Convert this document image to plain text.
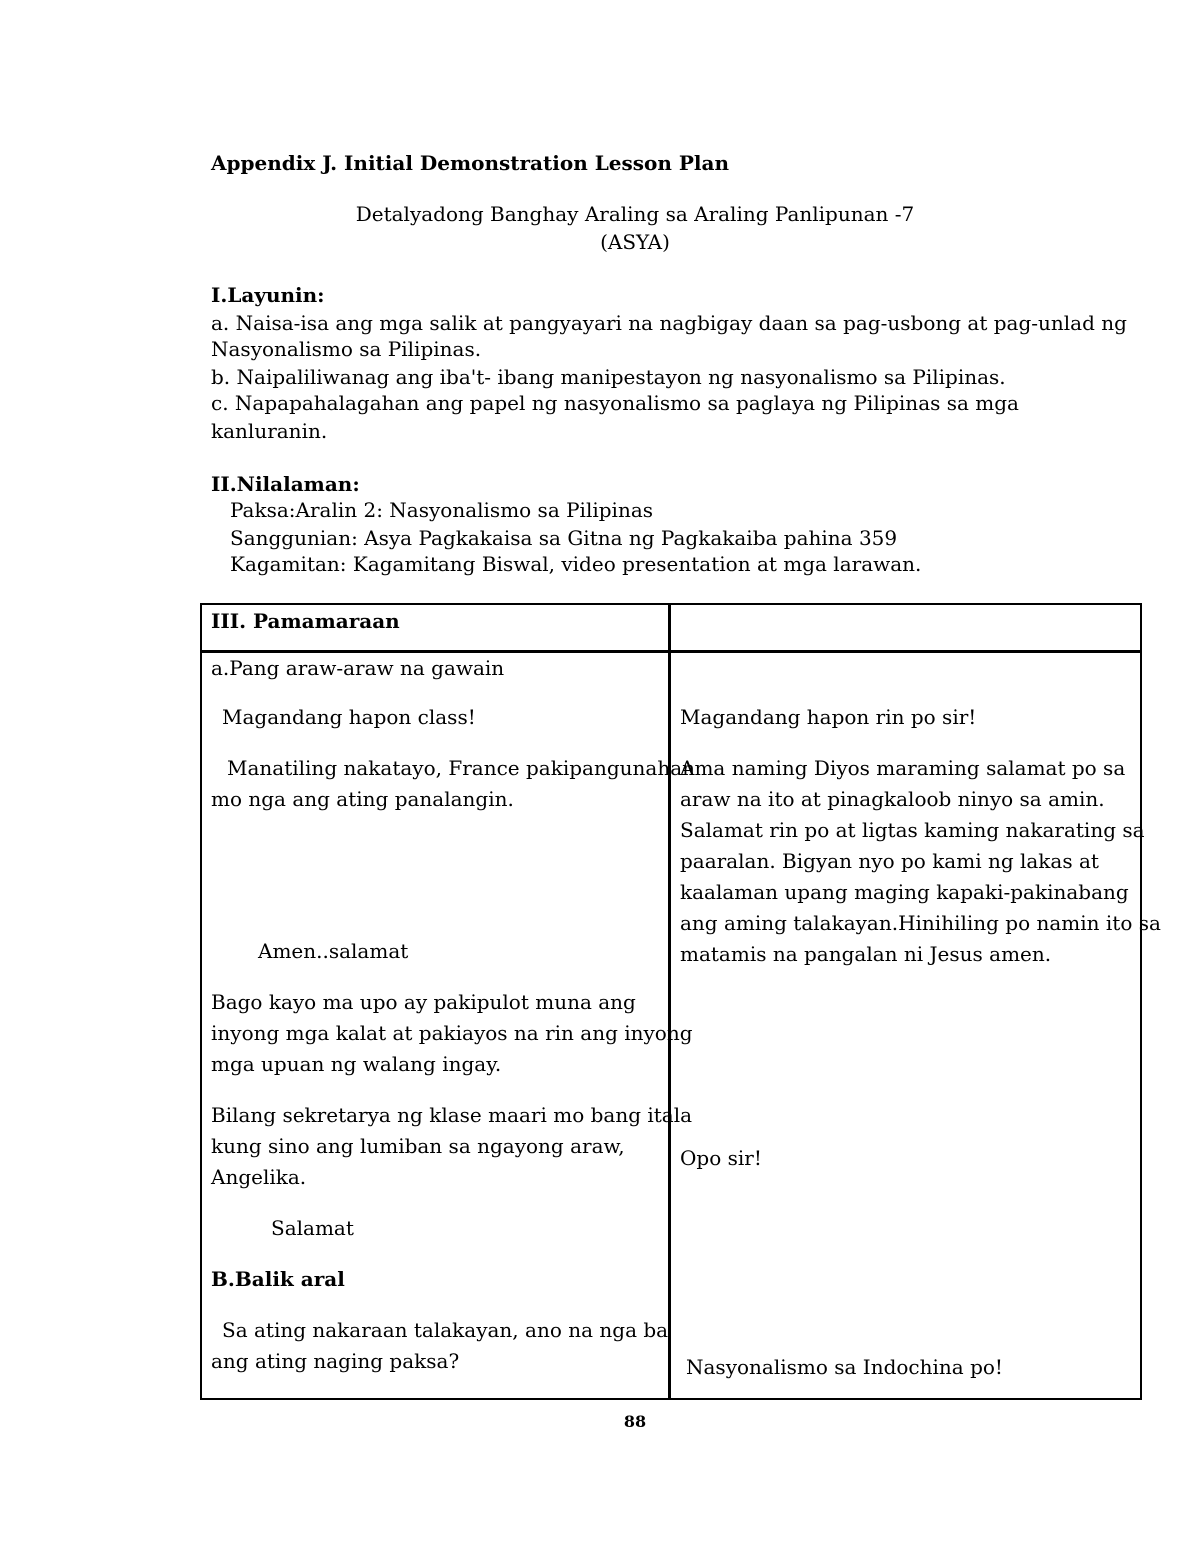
Appendix J. Initial Demonstration Lesson Plan
Detalyadong Banghay Araling sa Araling Panlipunan -7
(ASYA)
I.Layunin:
a. Naisa-isa ang mga salik at pangyayari na nagbigay daan sa pag-usbong at pag-unlad ng
Nasyonalismo sa Pilipinas.
b. Naipaliliwanag ang iba't- ibang manipestayon ng nasyonalismo sa Pilipinas.
c. Napapahalagahan ang papel ng nasyonalismo sa paglaya ng Pilipinas sa mga
kanluranin.
II.Nilalaman:
Paksa:Aralin 2: Nasyonalismo sa Pilipinas
Sanggunian: Asya Pagkakaisa sa Gitna ng Pagkakaiba pahina 359
Kagamitan: Kagamitang Biswal, video presentation at mga larawan.
III. Pamamaraan
a.Pang araw-araw na gawain
Magandang hapon class!
Manatiling nakatayo, France pakipangunahan
mo nga ang ating panalangin.
Amen..salamat
Bago kayo ma upo ay pakipulot muna ang
inyong mga kalat at pakiayos na rin ang inyong
mga upuan ng walang ingay.
Bilang sekretarya ng klase maari mo bang itala
kung sino ang lumiban sa ngayong araw,
Angelika.
Salamat
B.Balik aral
Sa ating nakaraan talakayan, ano na nga ba
ang ating naging paksa?
Magandang hapon rin po sir!
Ama naming Diyos maraming salamat po sa
araw na ito at pinagkaloob ninyo sa amin.
Salamat rin po at ligtas kaming nakarating sa
paaralan. Bigyan nyo po kami ng lakas at
kaalaman upang maging kapaki-pakinabang
ang aming talakayan.Hinihiling po namin ito sa
matamis na pangalan ni Jesus amen.
Opo sir!
Nasyonalismo sa Indochina po!
88
